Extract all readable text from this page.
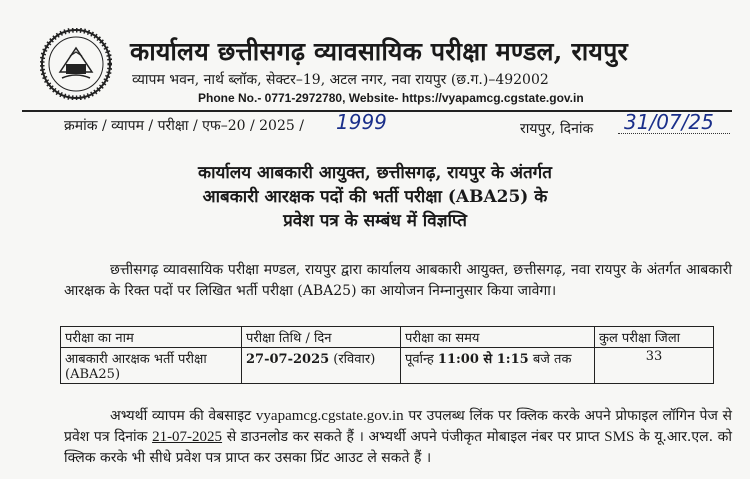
कार्यालय छत्तीसगढ़ व्यावसायिक परीक्षा मण्डल, रायपुर
व्यापम भवन, नार्थ ब्लॉक, सेक्टर–19, अटल नगर, नवा रायपुर (छ.ग.)–492002
Phone No.- 0771-2972780, Website- https://vyapamcg.cgstate.gov.in
क्रमांक / व्यापम / परीक्षा / एफ–20 / 2025 / 1999	रायपुर, दिनांक 31/07/25
कार्यालय आबकारी आयुक्त, छत्तीसगढ़, रायपुर के अंतर्गत
आबकारी आरक्षक पदों की भर्ती परीक्षा (ABA25) के
प्रवेश पत्र के सम्बंध में विज्ञप्ति
छत्तीसगढ़ व्यावसायिक परीक्षा मण्डल, रायपुर द्वारा कार्यालय आबकारी आयुक्त, छत्तीसगढ़, नवा रायपुर के अंतर्गत आबकारी आरक्षक के रिक्त पदों पर लिखित भर्ती परीक्षा (ABA25) का आयोजन निम्नानुसार किया जावेगा।
परीक्षा का नाम	परीक्षा तिथि / दिन	परीक्षा का समय	कुल परीक्षा जिला

आबकारी आरक्षक भर्ती परीक्षा
(ABA25)	27-07-2025 (रविवार)	पूर्वान्ह 11:00 से 1:15 बजे तक	33
अभ्यर्थी व्यापम की वेबसाइट vyapamcg.cgstate.gov.in पर उपलब्ध लिंक पर क्लिक करके अपने प्रोफाइल लॉगिन पेज से प्रवेश पत्र दिनांक 21-07-2025 से डाउनलोड कर सकते हैं । अभ्यर्थी अपने पंजीकृत मोबाइल नंबर पर प्राप्त SMS के यू.आर.एल. को क्लिक करके भी सीधे प्रवेश पत्र प्राप्त कर उसका प्रिंट आउट ले सकते हैं ।
